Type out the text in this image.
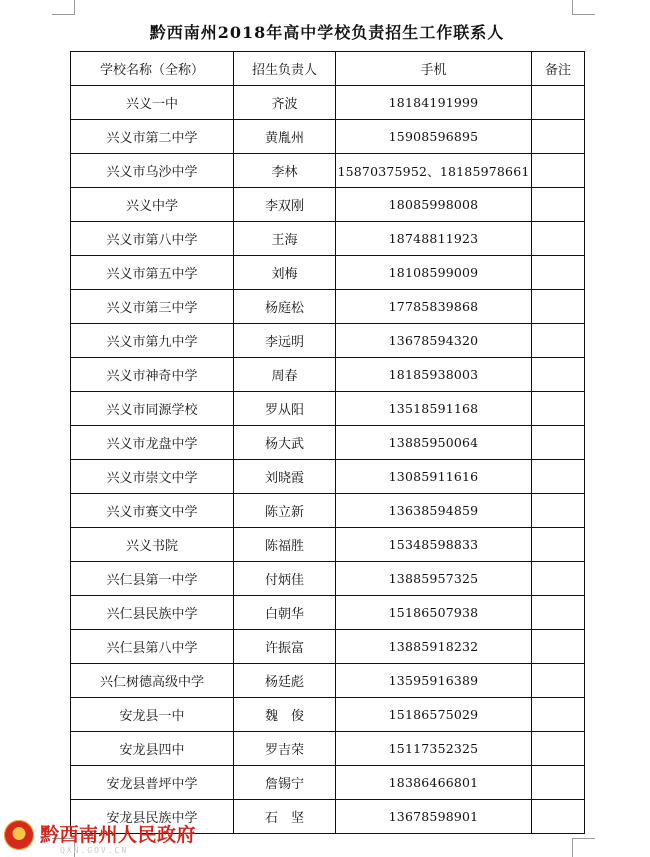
黔西南州2018年高中学校负责招生工作联系人
学校名称（全称）	招生负责人	手机	备注
兴义一中	齐波	18184191999	
兴义市第二中学	黄胤州	15908596895	
兴义市乌沙中学	李林	15870375952、18185978661	
兴义中学	李双刚	18085998008	
兴义市第八中学	王海	18748811923	
兴义市第五中学	刘梅	18108599009	
兴义市第三中学	杨庭松	17785839868	
兴义市第九中学	李远明	13678594320	
兴义市神奇中学	周春	18185938003	
兴义市同源学校	罗从阳	13518591168	
兴义市龙盘中学	杨大武	13885950064	
兴义市崇文中学	刘晓霞	13085911616	
兴义市赛文中学	陈立新	13638594859	
兴义书院	陈福胜	15348598833	
兴仁县第一中学	付炳佳	13885957325	
兴仁县民族中学	白朝华	15186507938	
兴仁县第八中学	许振富	13885918232	
兴仁树德高级中学	杨廷彪	13595916389	
安龙县一中	魏　俊	15186575029	
安龙县四中	罗吉荣	15117352325	
安龙县普坪中学	詹锡宁	18386466801	
安龙县民族中学	石　坚	13678598901	
黔西南州人民政府
QXN.GOV.CN
